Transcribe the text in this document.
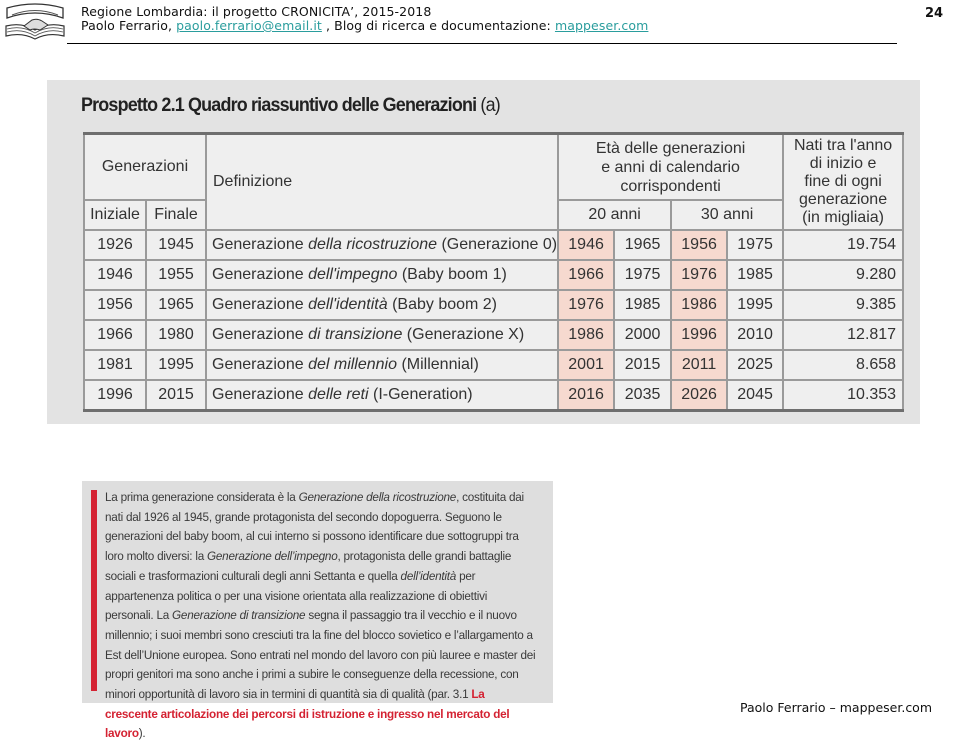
Regione Lombardia: il progetto CRONICITA’, 2015-2018
Paolo Ferrario, paolo.ferrario@email.it , Blog di ricerca e documentazione: mappeser.com
24
Prospetto 2.1 Quadro riassuntivo delle Generazioni (a)
Generazioni	Definizione	
Età delle generazioni
e anni di calendario
corrispondenti

Nati tra l'anno
di inizio e
fine di ogni
generazione
(in migliaia)

Iniziale	Finale		20 anni		30 anni		
1926	1945	Generazione della ricostruzione (Generazione 0)	1946	1965	1956	1975	19.754
1946	1955	Generazione dell'impegno (Baby boom 1)	1966	1975	1976	1985	9.280
1956	1965	Generazione dell'identità (Baby boom 2)	1976	1985	1986	1995	9.385
1966	1980	Generazione di transizione (Generazione X)	1986	2000	1996	2010	12.817
1981	1995	Generazione del millennio (Millennial)	2001	2015	2011	2025	8.658
1996	2015	Generazione delle reti (I-Generation)	2016	2035	2026	2045	10.353
La prima generazione considerata è la Generazione della ricostruzione, costituita dai nati dal 1926 al 1945, grande protagonista del secondo dopoguerra. Seguono le generazioni del baby boom, al cui interno si possono identificare due sottogruppi tra loro molto diversi: la Generazione dell’impegno, protagonista delle grandi battaglie sociali e trasformazioni culturali degli anni Settanta e quella dell’identità per appartenenza politica o per una visione orientata alla realizzazione di obiettivi personali. La Generazione di transizione segna il passaggio tra il vecchio e il nuovo millennio; i suoi membri sono cresciuti tra la fine del blocco sovietico e l’allargamento a Est dell’Unione europea. Sono entrati nel mondo del lavoro con più lauree e master dei propri genitori ma sono anche i primi a subire le conseguenze della recessione, con minori opportunità di lavoro sia in termini di quantità sia di qualità (par. 3.1 La crescente articolazione dei percorsi di istruzione e ingresso nel mercato del lavoro).
Paolo Ferrario – mappeser.com
